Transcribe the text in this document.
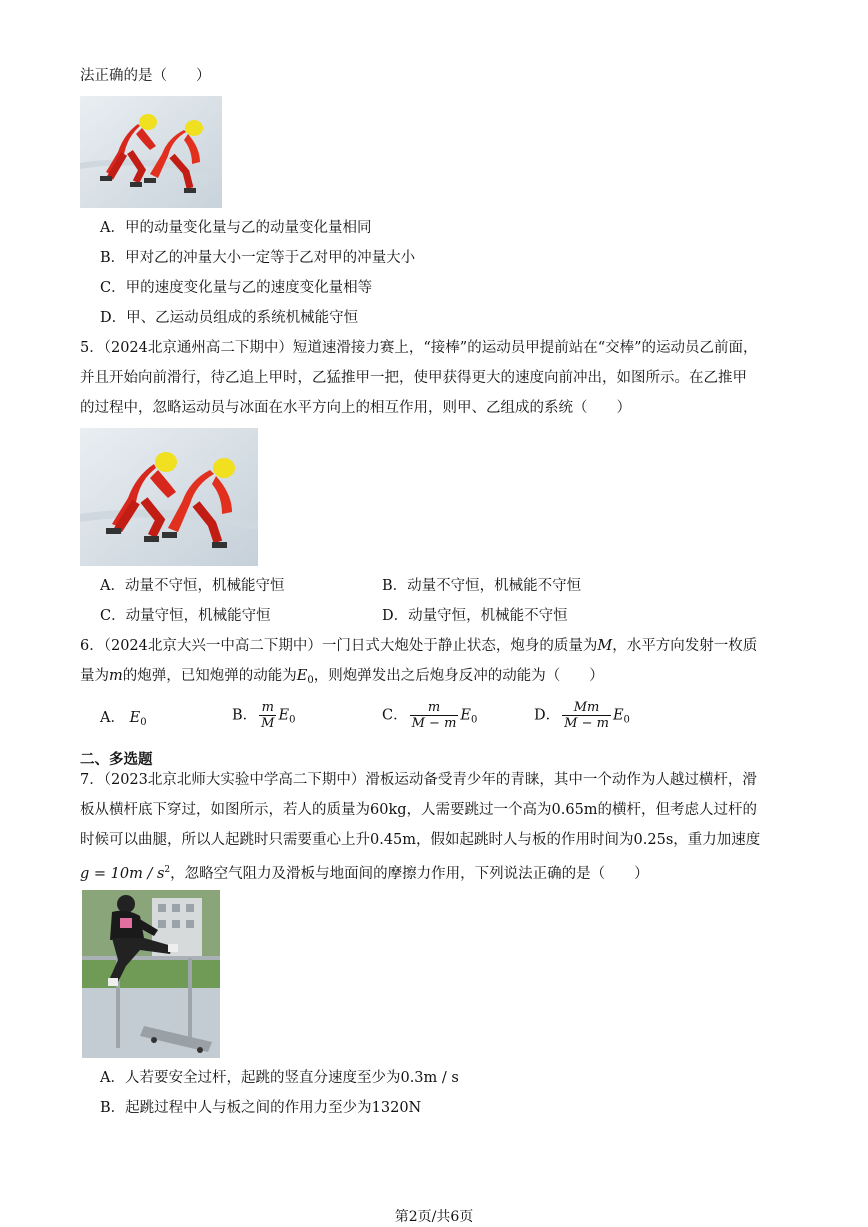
法正确的是（　　）
A．甲的动量变化量与乙的动量变化量相同
B．甲对乙的冲量大小一定等于乙对甲的冲量大小
C．甲的速度变化量与乙的速度变化量相等
D．甲、乙运动员组成的系统机械能守恒
5．（2024北京通州高二下期中）短道速滑接力赛上，“接棒”的运动员甲提前站在“交棒”的运动员乙前面，
并且开始向前滑行，待乙追上甲时，乙猛推甲一把，使甲获得更大的速度向前冲出，如图所示。在乙推甲
的过程中，忽略运动员与冰面在水平方向上的相互作用，则甲、乙组成的系统（　　）
A．动量不守恒，机械能守恒	B．动量不守恒，机械能不守恒
C．动量守恒，机械能守恒	D．动量守恒，机械能不守恒
6．（2024北京大兴一中高二下期中）一门日式大炮处于静止状态，炮身的质量为M，水平方向发射一枚质
量为m的炮弹，已知炮弹的动能为$E_0$，则炮弹发出之后炮身反冲的动能为（　　）
A． $E_0$	B． $\frac{m}{M} E_0$	C． $\frac{m}{M - m} E_0$	D． $\frac{Mm}{M - m} E_0$
二、多选题
7．（2023北京北师大实验中学高二下期中）滑板运动备受青少年的青睐，其中一个动作为人越过横杆，滑
板从横杆底下穿过，如图所示，若人的质量为60kg，人需要跳过一个高为0.65m的横杆，但考虑人过杆的
时候可以曲腿，所以人起跳时只需要重心上升0.45m，假如起跳时人与板的作用时间为0.25s，重力加速度
$g = 10m / s^2$，忽略空气阻力及滑板与地面间的摩擦力作用，下列说法正确的是（　　）
A．人若要安全过杆，起跳的竖直分速度至少为0.3m / s
B．起跳过程中人与板之间的作用力至少为1320N
第2页/共6页
